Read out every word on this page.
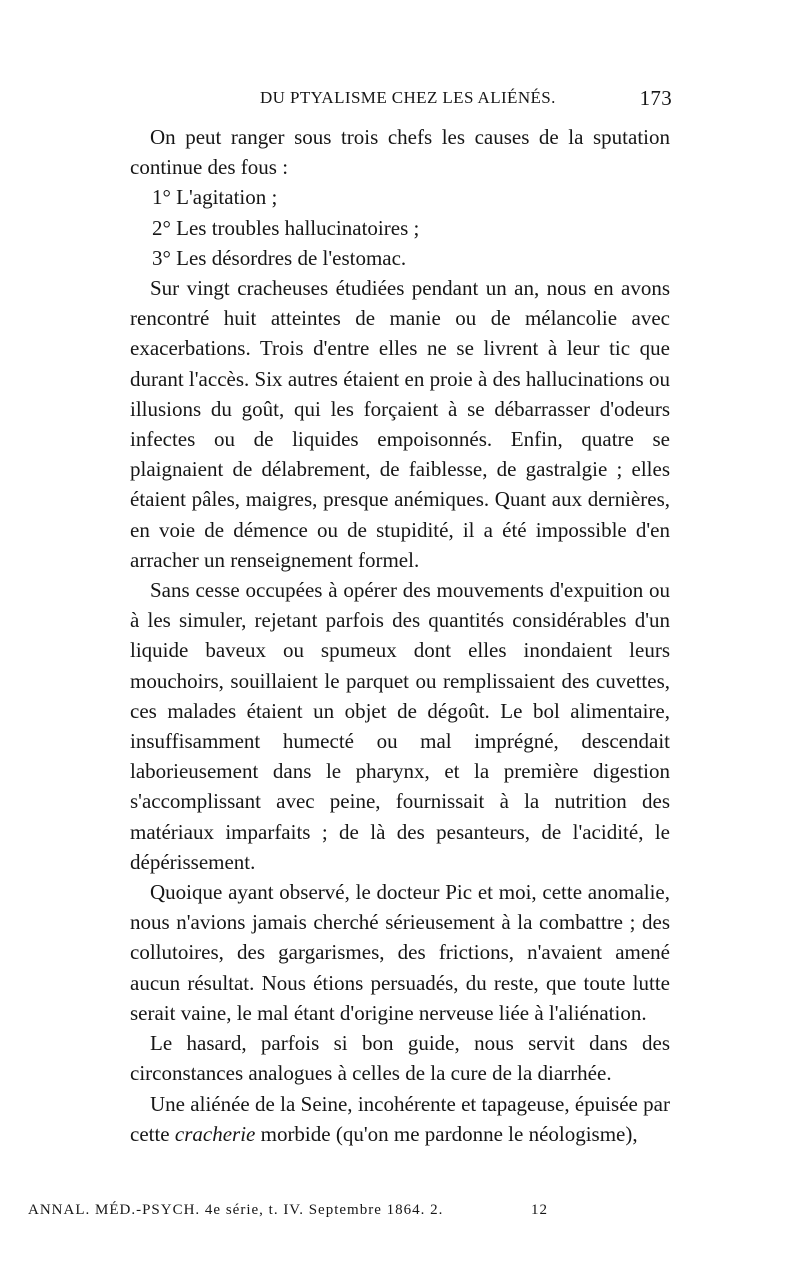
DU PTYALISME CHEZ LES ALIÉNÉS.	173

On peut ranger sous trois chefs les causes de la sputation continue des fous :

1° L'agitation ;

2° Les troubles hallucinatoires ;

3° Les désordres de l'estomac.

Sur vingt cracheuses étudiées pendant un an, nous en avons rencontré huit atteintes de manie ou de mélancolie avec exacerbations. Trois d'entre elles ne se livrent à leur tic que durant l'accès. Six autres étaient en proie à des hallucinations ou illusions du goût, qui les forçaient à se débarrasser d'odeurs infectes ou de liquides empoisonnés. Enfin, quatre se plaignaient de délabrement, de faiblesse, de gastralgie ; elles étaient pâles, maigres, presque anémiques. Quant aux dernières, en voie de démence ou de stupidité, il a été impossible d'en arracher un renseignement formel.

Sans cesse occupées à opérer des mouvements d'expuition ou à les simuler, rejetant parfois des quantités considérables d'un liquide baveux ou spumeux dont elles inondaient leurs mouchoirs, souillaient le parquet ou remplissaient des cuvettes, ces malades étaient un objet de dégoût. Le bol alimentaire, insuffisamment humecté ou mal imprégné, descendait laborieusement dans le pharynx, et la première digestion s'accomplissant avec peine, fournissait à la nutrition des matériaux imparfaits ; de là des pesanteurs, de l'acidité, le dépérissement.

Quoique ayant observé, le docteur Pic et moi, cette anomalie, nous n'avions jamais cherché sérieusement à la combattre ; des collutoires, des gargarismes, des frictions, n'avaient amené aucun résultat. Nous étions persuadés, du reste, que toute lutte serait vaine, le mal étant d'origine nerveuse liée à l'aliénation.

Le hasard, parfois si bon guide, nous servit dans des circonstances analogues à celles de la cure de la diarrhée.

Une aliénée de la Seine, incohérente et tapageuse, épuisée par cette cracherie morbide (qu'on me pardonne le néologisme),

ANNAL. MÉD.-PSYCH. 4e série, t. IV. Septembre 1864. 2.	12
